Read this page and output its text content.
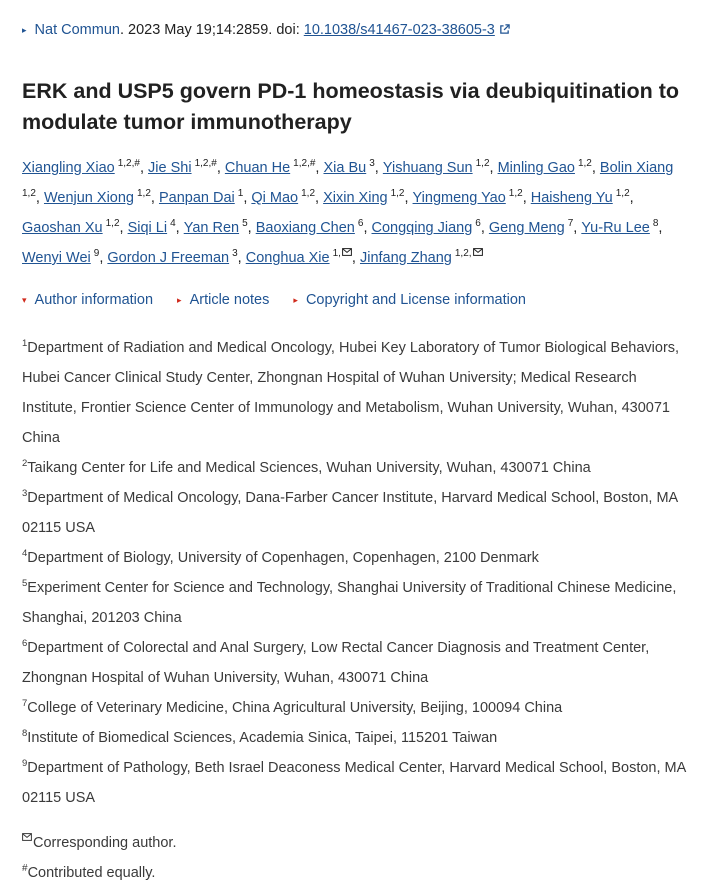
▸ Nat Commun. 2023 May 19;14:2859. doi: 10.1038/s41467-023-38605-3
ERK and USP5 govern PD-1 homeostasis via deubiquitination to modulate tumor immunotherapy
Xiangling Xiao $^{1,2,\#}$, Jie Shi $^{1,2,\#}$, Chuan He $^{1,2,\#}$, Xia Bu $^3$, Yishuang Sun $^{1,2}$, Minling Gao $^{1,2}$, Bolin Xiang
$^{1,2}$, Wenjun Xiong $^{1,2}$, Panpan Dai $^1$, Qi Mao $^{1,2}$, Xixin Xing $^{1,2}$, Yingmeng Yao $^{1,2}$, Haisheng Yu $^{1,2}$,
Gaoshan Xu $^{1,2}$, Siqi Li $^4$, Yan Ren $^5$, Baoxiang Chen $^6$, Congqing Jiang $^6$, Geng Meng $^7$, Yu-Ru Lee $^8$,
Wenyi Wei $^9$, Gordon J Freeman $^3$, Conghua Xie $^{1,}$ , Jinfang Zhang $^{1,2,}$
▾ Author information	▸ Article notes	▸ Copyright and License information

$^1$Department of Radiation and Medical Oncology, Hubei Key Laboratory of Tumor Biological Behaviors, Hubei Cancer Clinical Study Center, Zhongnan Hospital of Wuhan University; Medical Research Institute, Frontier Science Center of Immunology and Metabolism, Wuhan University, Wuhan, 430071 China

$^2$Taikang Center for Life and Medical Sciences, Wuhan University, Wuhan, 430071 China

$^3$Department of Medical Oncology, Dana-Farber Cancer Institute, Harvard Medical School, Boston, MA 02115 USA

$^4$Department of Biology, University of Copenhagen, Copenhagen, 2100 Denmark

$^5$Experiment Center for Science and Technology, Shanghai University of Traditional Chinese Medicine, Shanghai, 201203 China

$^6$Department of Colorectal and Anal Surgery, Low Rectal Cancer Diagnosis and Treatment Center, Zhongnan Hospital of Wuhan University, Wuhan, 430071 China

$^7$College of Veterinary Medicine, China Agricultural University, Beijing, 100094 China

$^8$Institute of Biomedical Sciences, Academia Sinica, Taipei, 115201 Taiwan

$^9$Department of Pathology, Beth Israel Deaconess Medical Center, Harvard Medical School, Boston, MA 02115 USA

Corresponding author.

#Contributed equally.
